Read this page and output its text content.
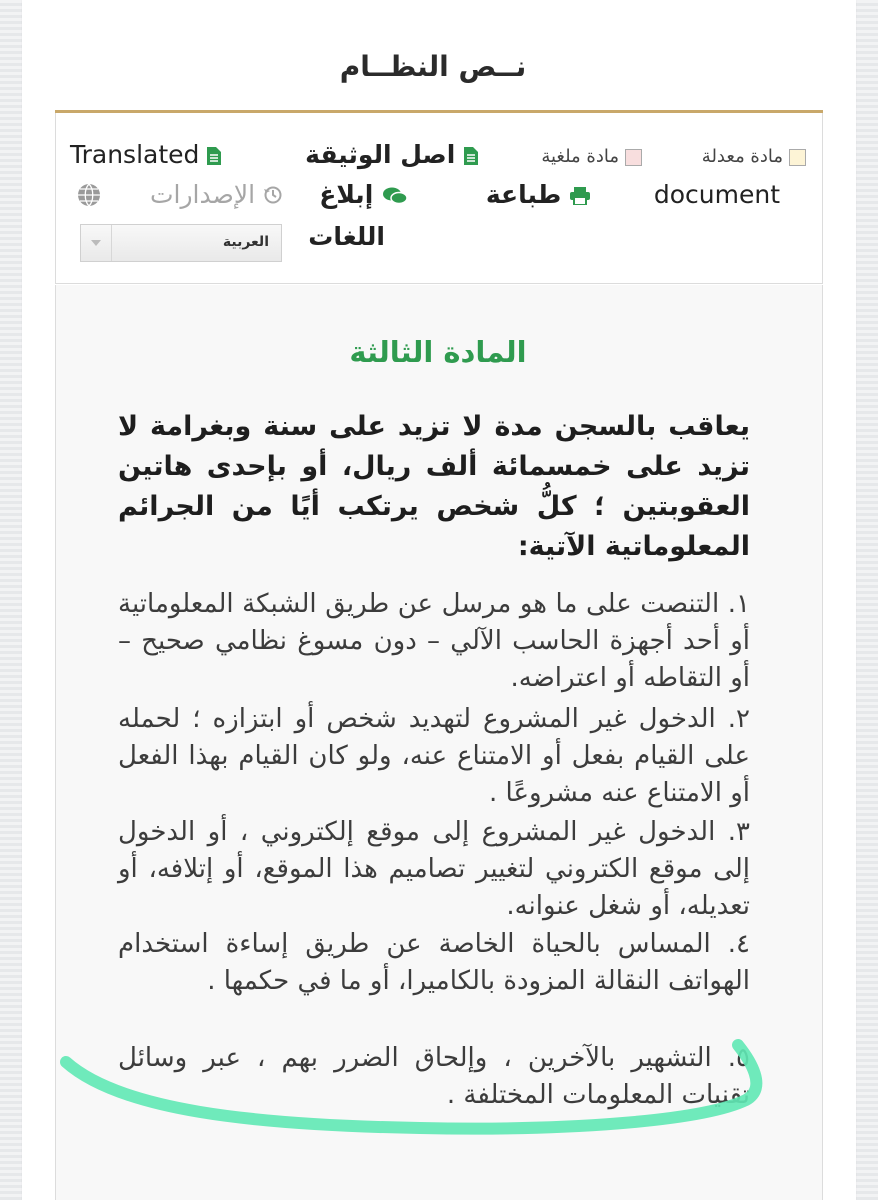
نــص النظــام
مادة معدلة
مادة ملغية
اصل الوثيقة
Translated
document
طباعة
إبلاغ
الإصدارات
اللغات
العربية
المادة الثالثة
يعاقب بالسجن مدة لا تزيد على سنة وبغرامة لا تزيد على خمسمائة ألف ريال، أو بإحدى هاتين العقوبتين ؛ كلُّ شخص يرتكب أيًا من الجرائم المعلوماتية الآتية:
١. التنصت على ما هو مرسل عن طريق الشبكة المعلوماتية أو أحد أجهزة الحاسب الآلي – دون مسوغ نظامي صحيح – أو التقاطه أو اعتراضه.
٢. الدخول غير المشروع لتهديد شخص أو ابتزازه ؛ لحمله على القيام بفعل أو الامتناع عنه، ولو كان القيام بهذا الفعل أو الامتناع عنه مشروعًا .
٣. الدخول غير المشروع إلى موقع إلكتروني ، أو الدخول إلى موقع الكتروني لتغيير تصاميم هذا الموقع، أو إتلافه، أو تعديله، أو شغل عنوانه.
٤. المساس بالحياة الخاصة عن طريق إساءة استخدام الهواتف النقالة المزودة بالكاميرا، أو ما في حكمها .
٥. التشهير بالآخرين ، وإلحاق الضرر بهم ، عبر وسائل تقنيات المعلومات المختلفة .
